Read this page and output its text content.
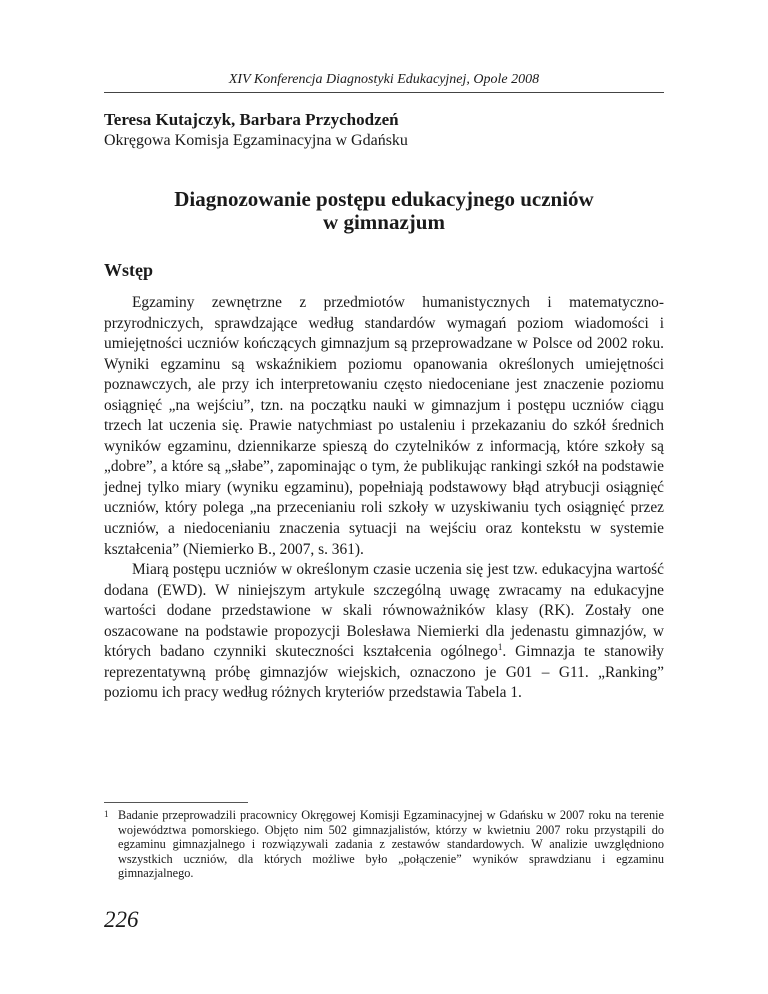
XIV Konferencja Diagnostyki Edukacyjnej, Opole 2008
Teresa Kutajczyk, Barbara Przychodzeń
Okręgowa Komisja Egzaminacyjna w Gdańsku
Diagnozowanie postępu edukacyjnego uczniów
w gimnazjum
Wstęp

Egzaminy zewnętrzne z przedmiotów humanistycznych i matematyczno-przyrodniczych, sprawdzające według standardów wymagań poziom wiadomości i umiejętności uczniów kończących gimnazjum są przeprowadzane w Polsce od 2002 roku. Wyniki egzaminu są wskaźnikiem poziomu opanowania określonych umiejętności poznawczych, ale przy ich interpretowaniu często niedoceniane jest znaczenie poziomu osiągnięć „na wejściu”, tzn. na początku nauki w gimnazjum i postępu uczniów ciągu trzech lat uczenia się. Prawie natychmiast po ustaleniu i przekazaniu do szkół średnich wyników egzaminu, dziennikarze spieszą do czytelników z informacją, które szkoły są „dobre”, a które są „słabe”, zapominając o tym, że publikując rankingi szkół na podstawie jednej tylko miary (wyniku egzaminu), popełniają podstawowy błąd atrybucji osiągnięć uczniów, który polega „na przecenianiu roli szkoły w uzyskiwaniu tych osiągnięć przez uczniów, a niedocenianiu znaczenia sytuacji na wejściu oraz kontekstu w systemie kształcenia” (Niemierko B., 2007, s. 361).

Miarą postępu uczniów w określonym czasie uczenia się jest tzw. edukacyjna wartość dodana (EWD). W niniejszym artykule szczególną uwagę zwracamy na edukacyjne wartości dodane przedstawione w skali równoważników klasy (RK). Zostały one oszacowane na podstawie propozycji Bolesława Niemierki dla jedenastu gimnazjów, w których badano czynniki skuteczności kształcenia ogólnego$^1$. Gimnazja te stanowiły reprezentatywną próbę gimnazjów wiejskich, oznaczono je G01 – G11. „Ranking” poziomu ich pracy według różnych kryteriów przedstawia Tabela 1.

1 Badanie przeprowadzili pracownicy Okręgowej Komisji Egzaminacyjnej w Gdańsku w 2007 roku na terenie województwa pomorskiego. Objęto nim 502 gimnazjalistów, którzy w kwietniu 2007 roku przystąpili do egzaminu gimnazjalnego i rozwiązywali zadania z zestawów standardowych. W analizie uwzględniono wszystkich uczniów, dla których możliwe było „połączenie” wyników sprawdzianu i egzaminu gimnazjalnego.
226
